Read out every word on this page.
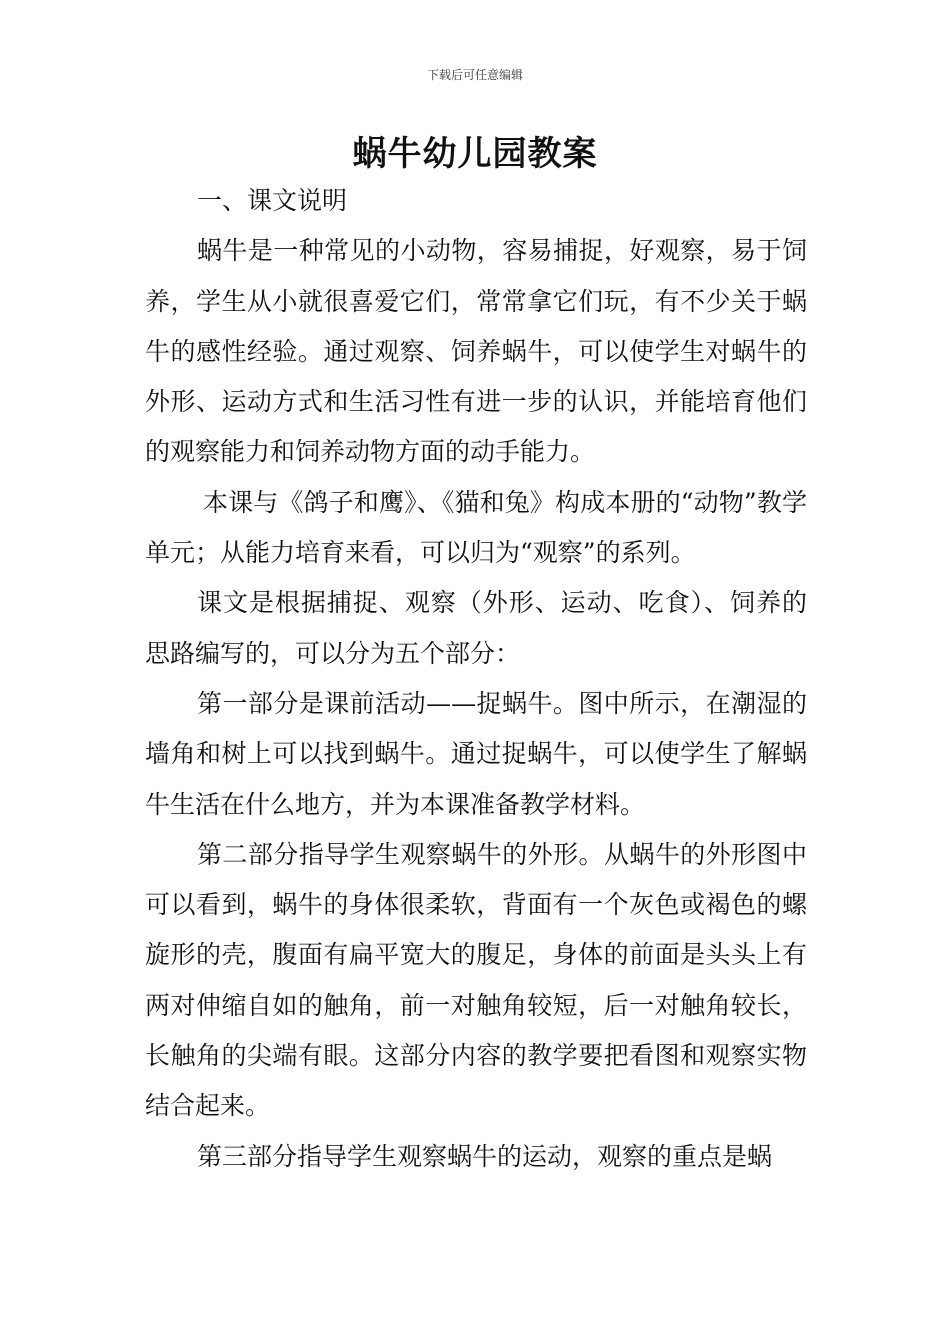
下载后可任意编辑
蜗牛幼儿园教案

一、课文说明

蜗牛是一种常见的小动物，容易捕捉，好观察，易于饲养，学生从小就很喜爱它们，常常拿它们玩，有不少关于蜗牛的感性经验。通过观察、饲养蜗牛，可以使学生对蜗牛的外形、运动方式和生活习性有进一步的认识，并能培育他们的观察能力和饲养动物方面的动手能力。

本课与《鸽子和鹰》、《猫和兔》构成本册的“动物”教学单元；从能力培育来看，可以归为“观察”的系列。

课文是根据捕捉、观察（外形、运动、吃食）、饲养的思路编写的，可以分为五个部分：

第一部分是课前活动——捉蜗牛。图中所示，在潮湿的墙角和树上可以找到蜗牛。通过捉蜗牛，可以使学生了解蜗牛生活在什么地方，并为本课准备教学材料。

第二部分指导学生观察蜗牛的外形。从蜗牛的外形图中可以看到，蜗牛的身体很柔软，背面有一个灰色或褐色的螺旋形的壳，腹面有扁平宽大的腹足，身体的前面是头头上有两对伸缩自如的触角，前一对触角较短，后一对触角较长，长触角的尖端有眼。这部分内容的教学要把看图和观察实物结合起来。

第三部分指导学生观察蜗牛的运动，观察的重点是蜗
